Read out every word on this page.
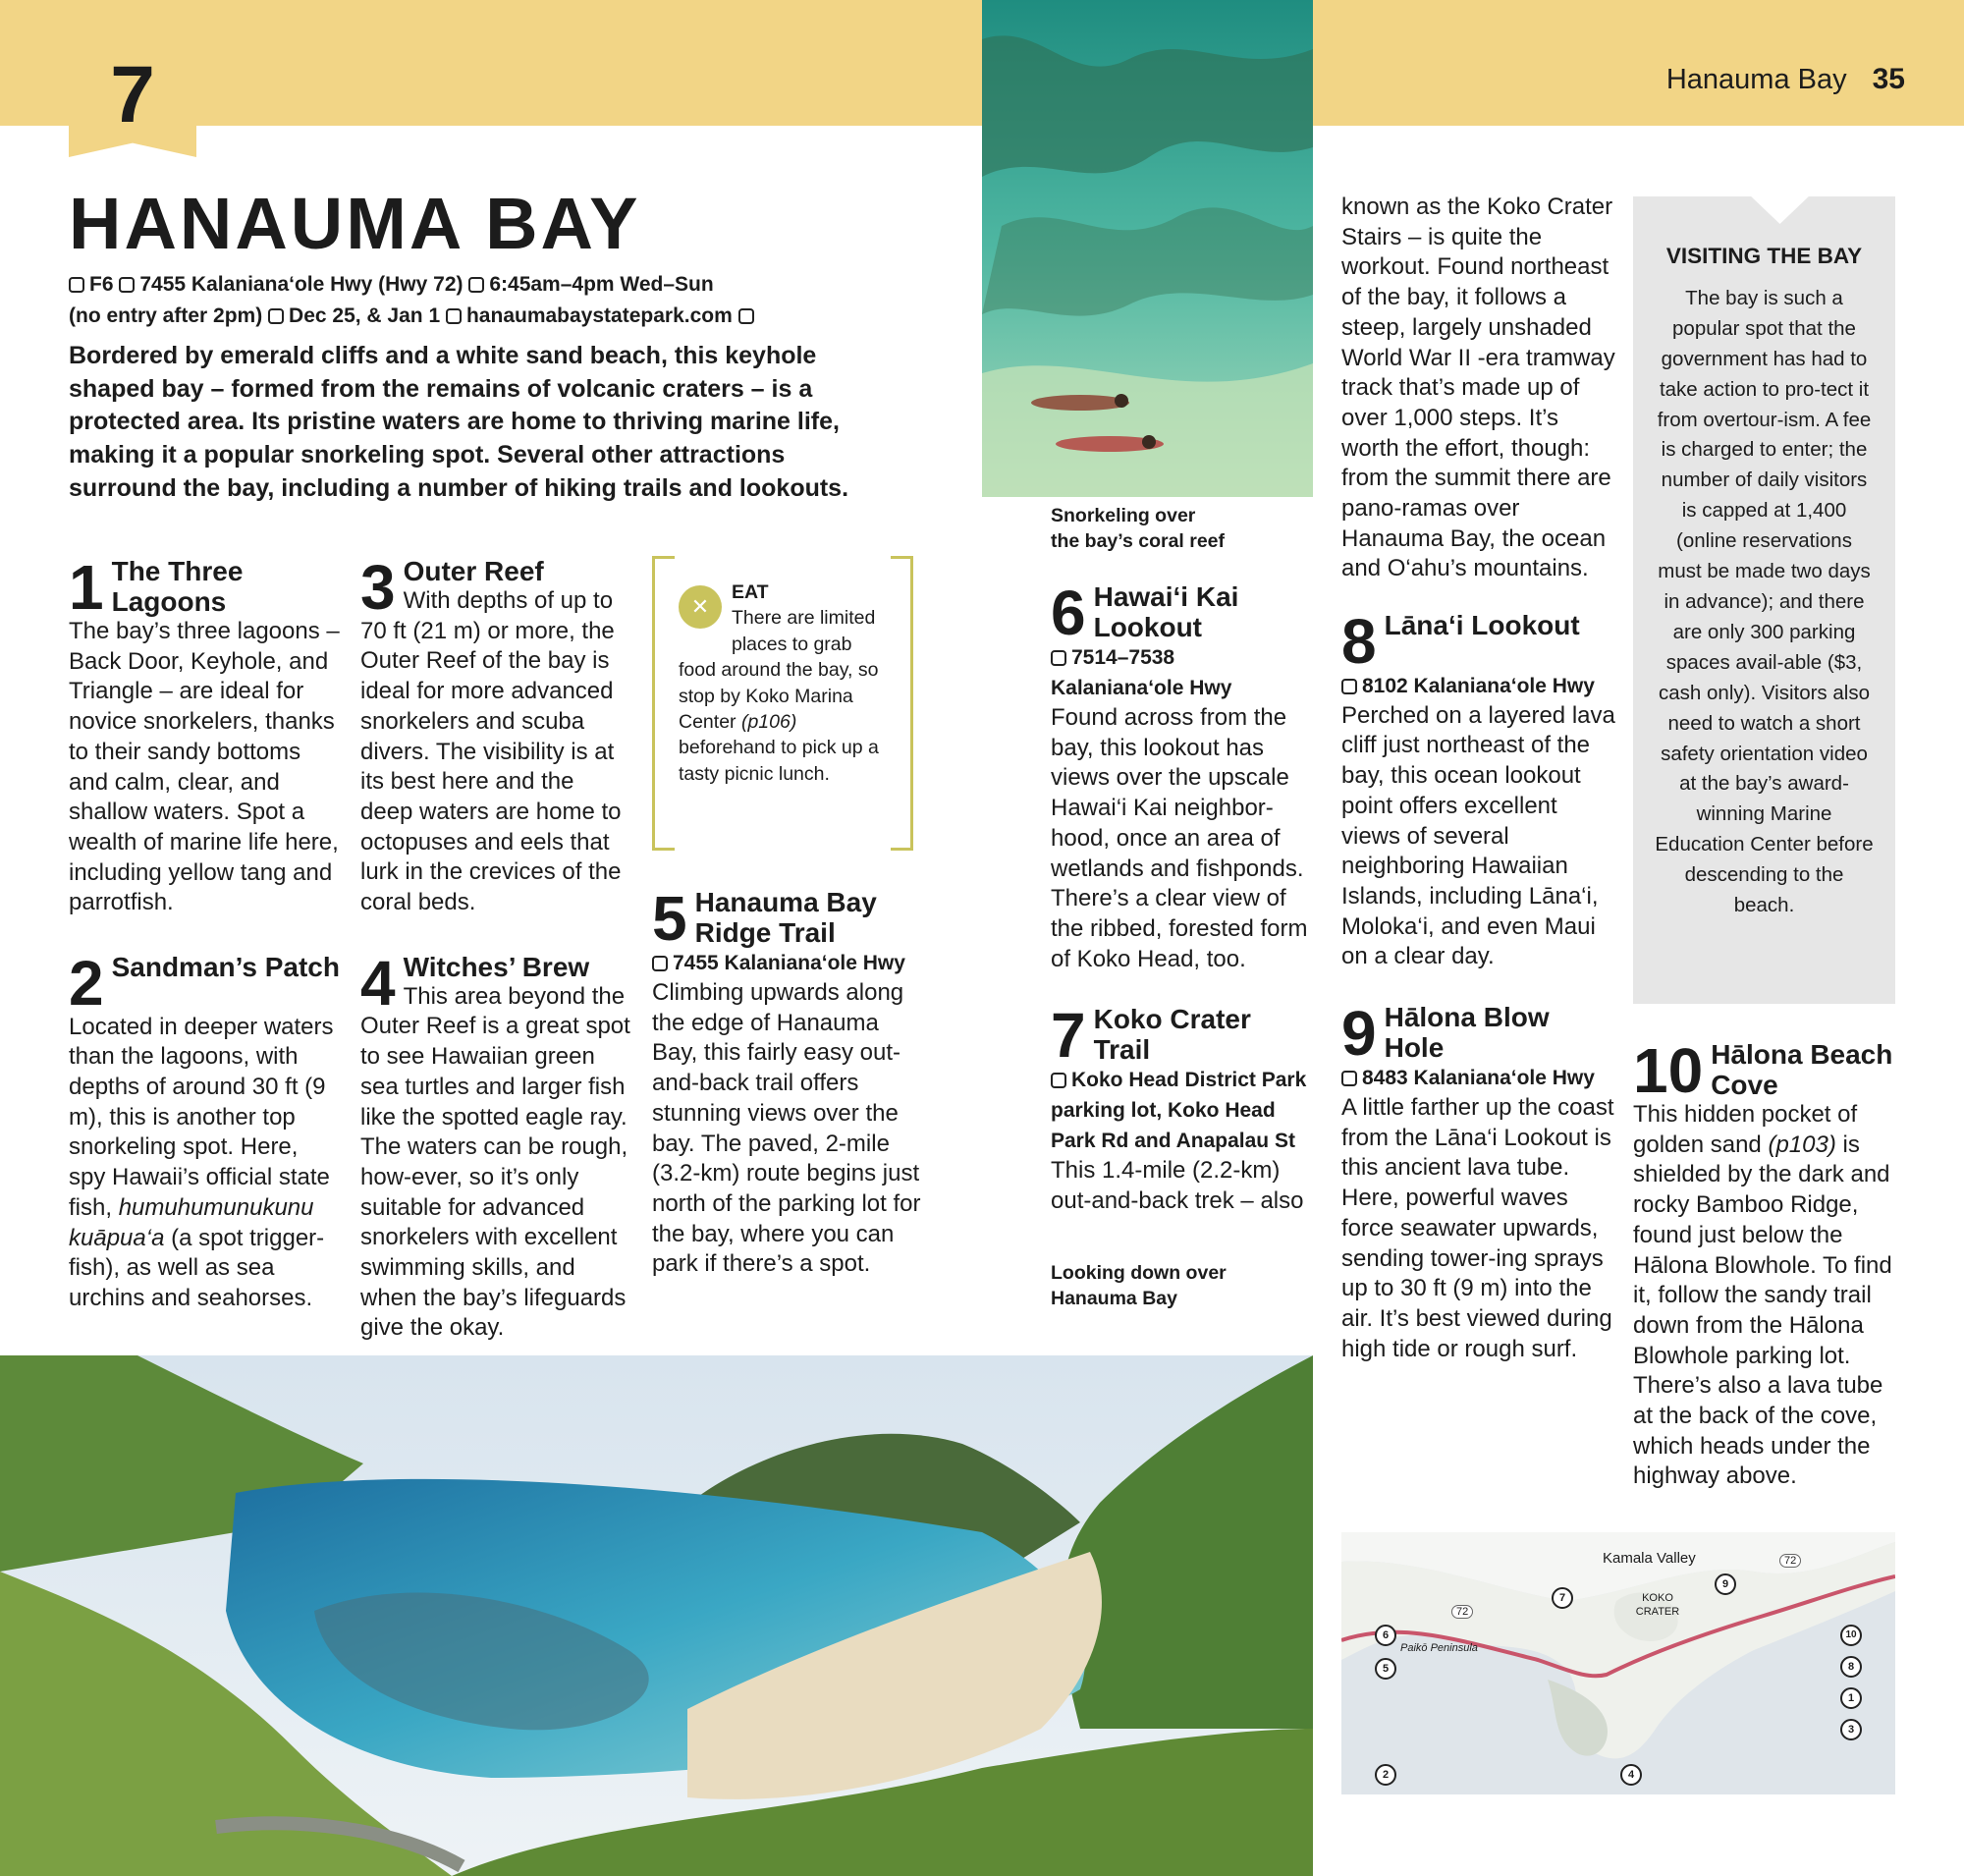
7	Hanauma Bay 35
HANAUMA BAY
F6 7455 Kalaniana‘ole Hwy (Hwy 72) 6:45am–4pm Wed–Sun
(no entry after 2pm) Dec 25, & Jan 1 hanaumabaystatepark.com
Bordered by emerald cliffs and a white sand beach, this keyhole shaped bay – formed from the remains of volcanic craters – is a protected area. Its pristine waters are home to thriving marine life, making it a popular snorkeling spot. Several other attractions surround the bay, including a number of hiking trails and lookouts.
1 The Three Lagoons
The bay’s three lagoons – Back Door, Keyhole, and Triangle – are ideal for novice snorkelers, thanks to their sandy bottoms and calm, clear, and shallow waters. Spot a wealth of marine life here, including yellow tang and parrotfish.
2 Sandman’s Patch
Located in deeper waters than the lagoons, with depths of around 30 ft (9 m), this is another top snorkeling spot. Here, spy Hawaii’s official state fish, humuhumunukunu kuāpua‘a (a spot trigger-fish), as well as sea urchins and seahorses.
3 Outer Reef
With depths of up to 70 ft (21 m) or more, the Outer Reef of the bay is ideal for more advanced snorkelers and scuba divers. The visibility is at its best here and the deep waters are home to octopuses and eels that lurk in the crevices of the coral beds.
4 Witches’ Brew
This area beyond the Outer Reef is a great spot to see Hawaiian green sea turtles and larger fish like the spotted eagle ray. The waters can be rough, how-ever, so it’s only suitable for advanced snorkelers with excellent swimming skills, and when the bay’s lifeguards give the okay.
✕
EAT
There are limited places to grab food around the bay, so stop by Koko Marina Center (p106) beforehand to pick up a tasty picnic lunch.
5 Hanauma Bay Ridge Trail
7455 Kalaniana‘ole Hwy
Climbing upwards along the edge of Hanauma Bay, this fairly easy out-and-back trail offers stunning views over the bay. The paved, 2-mile (3.2-km) route begins just north of the parking lot for the bay, where you can park if there’s a spot.
Snorkeling over the bay’s coral reef
6 Hawai‘i Kai Lookout
7514–7538 Kalaniana‘ole Hwy
Found across from the bay, this lookout has views over the upscale Hawai‘i Kai neighbor-hood, once an area of wetlands and fishponds. There’s a clear view of the ribbed, forested form of Koko Head, too.
7 Koko Crater Trail
Koko Head District Park parking lot, Koko Head Park Rd and Anapalau St
This 1.4-mile (2.2-km) out-and-back trek – also
Looking down over Hanauma Bay
known as the Koko Crater Stairs – is quite the workout. Found northeast of the bay, it follows a steep, largely unshaded World War II -era tramway track that’s made up of over 1,000 steps. It’s worth the effort, though: from the summit there are pano-ramas over Hanauma Bay, the ocean and O‘ahu’s mountains.
8 Lāna‘i Lookout
8102 Kalaniana‘ole Hwy
Perched on a layered lava cliff just northeast of the bay, this ocean lookout point offers excellent views of several neighboring Hawaiian Islands, including Lāna‘i, Moloka‘i, and even Maui on a clear day.
9 Hālona Blow Hole
8483 Kalaniana‘ole Hwy
A little farther up the coast from the Lāna‘i Lookout is this ancient lava tube. Here, powerful waves force seawater upwards, sending tower-ing sprays up to 30 ft (9 m) into the air. It’s best viewed during high tide or rough surf.
VISITING THE BAY
The bay is such a popular spot that the government has had to take action to pro-tect it from overtour-ism. A fee is charged to enter; the number of daily visitors is capped at 1,400 (online reservations must be made two days in advance); and there are only 300 parking spaces avail-able ($3, cash only). Visitors also need to watch a short safety orientation video at the bay’s award-winning Marine Education Center before descending to the beach.
10 Hālona Beach Cove
This hidden pocket of golden sand (p103) is shielded by the dark and rocky Bamboo Ridge, found just below the Hālona Blowhole. To find it, follow the sandy trail down from the Hālona Blowhole parking lot. There’s also a lava tube at the back of the cove, which heads under the highway above.
Kamala Valley
KOKO CRATER
Paikō Peninsula
72
72
6
5
2
7
9
4
10
8
1
3
